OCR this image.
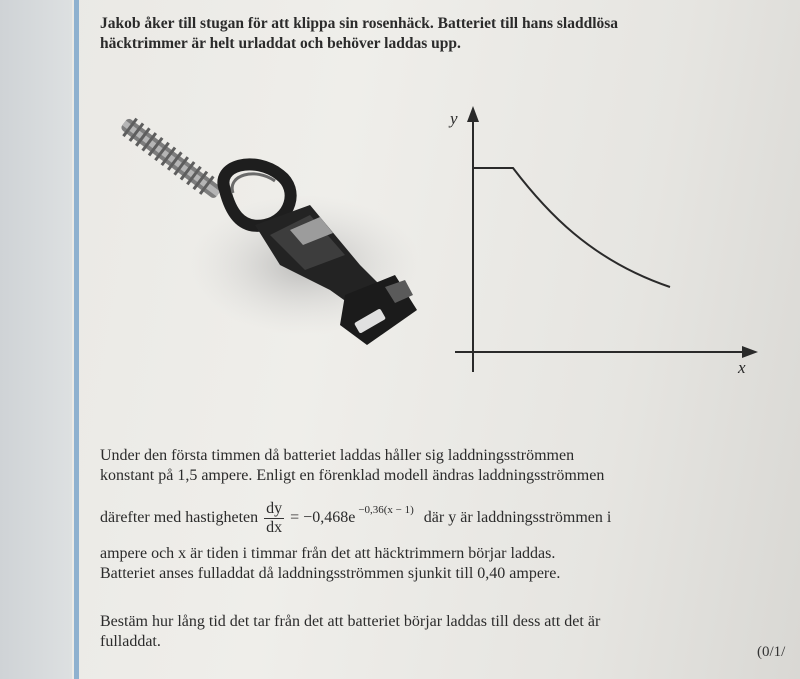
Jakob åker till stugan för att klippa sin rosenhäck. Batteriet till hans sladdlösa
häcktrimmer är helt urladdat och behöver laddas upp.

y
x

Under den första timmen då batteriet laddas håller sig laddningsströmmen
konstant på 1,5 ampere. Enligt en förenklad modell ändras laddningsströmmen

därefter med hastigheten $\frac{dy}{dx} = -0,468e$ $^{-0,36(x - 1)}$ där y är laddningsströmmen i

ampere och x är tiden i timmar från det att häcktrimmern börjar laddas.
Batteriet anses fulladdat då laddningsströmmen sjunkit till 0,40 ampere.

Bestäm hur lång tid det tar från det att batteriet börjar laddas till dess att det är
fulladdat.

(0/1/
